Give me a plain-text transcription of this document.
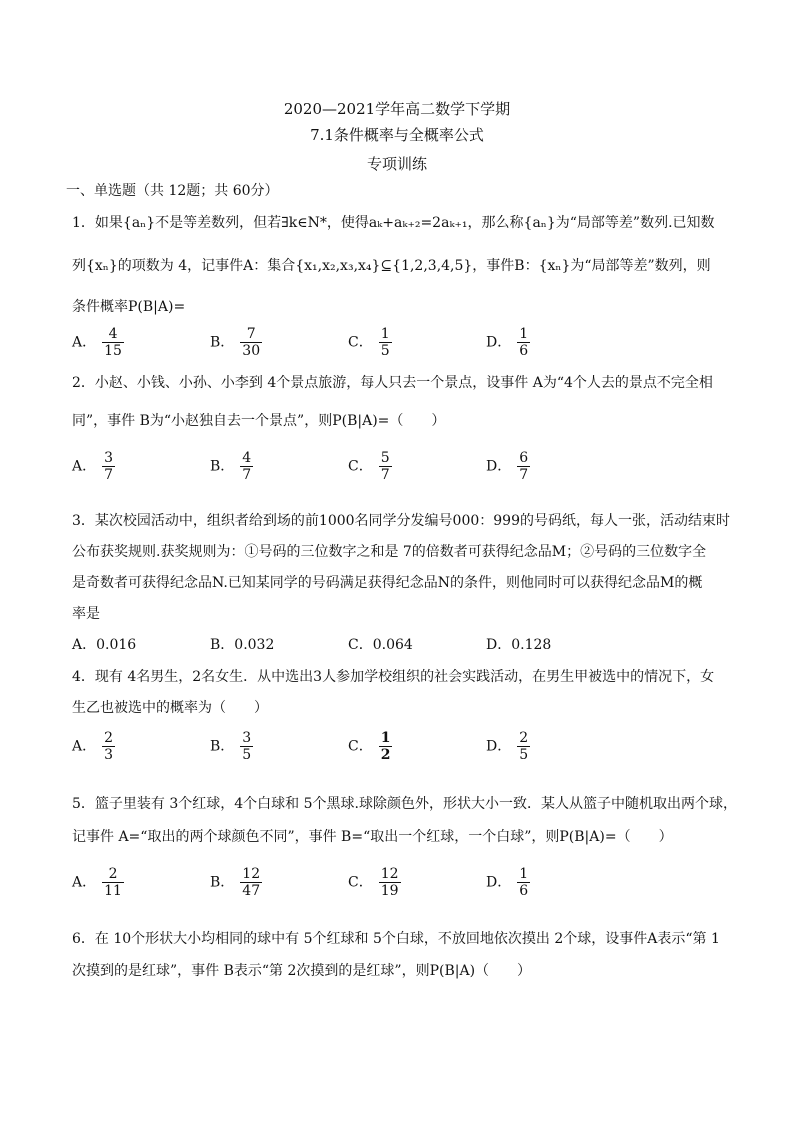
2020—2021学年高二数学下学期
7.1条件概率与全概率公式
专项训练
一、单选题（共 12题；共 60分）
1．如果{aₙ}不是等差数列，但若∃k∈N*，使得aₖ+aₖ₊₂=2aₖ₊₁，那么称{aₙ}为“局部等差”数列.已知数
列{xₙ}的项数为 4，记事件A：集合{x₁,x₂,x₃,x₄}⊆{1,2,3,4,5}，事件B：{xₙ}为“局部等差”数列，则
条件概率P(B|A)=
A． $\frac{4}{15}$	B． $\frac{7}{30}$	C． $\frac{1}{5}$	D． $\frac{1}{6}$
2．小赵、小钱、小孙、小李到 4个景点旅游，每人只去一个景点，设事件 A为“4个人去的景点不完全相
同”，事件 B为“小赵独自去一个景点”，则P(B|A)=（　　）
A． $\frac{3}{7}$	B． $\frac{4}{7}$	C． $\frac{5}{7}$	D． $\frac{6}{7}$
3．某次校园活动中，组织者给到场的前1000名同学分发编号000：999的号码纸，每人一张，活动结束时
公布获奖规则.获奖规则为：①号码的三位数字之和是 7的倍数者可获得纪念品M；②号码的三位数字全
是奇数者可获得纪念品N.已知某同学的号码满足获得纪念品N的条件，则他同时可以获得纪念品M的概
率是
A．0.016	B．0.032	C．0.064	D．0.128
4．现有 4名男生，2名女生．从中选出3人参加学校组织的社会实践活动，在男生甲被选中的情况下，女
生乙也被选中的概率为（　　）
A． $\frac{2}{3}$	B． $\frac{3}{5}$	C． $\frac{1}{2}$	D． $\frac{2}{5}$
5．篮子里装有 3个红球，4个白球和 5个黑球.球除颜色外，形状大小一致．某人从篮子中随机取出两个球，
记事件 A=“取出的两个球颜色不同”，事件 B=“取出一个红球，一个白球”，则P(B|A)=（　　）
A． $\frac{2}{11}$	B． $\frac{12}{47}$	C． $\frac{12}{19}$	D． $\frac{1}{6}$
6．在 10个形状大小均相同的球中有 5个红球和 5个白球，不放回地依次摸出 2个球，设事件A表示“第 1
次摸到的是红球”，事件 B表示“第 2次摸到的是红球”，则P(B|A)（　　）
